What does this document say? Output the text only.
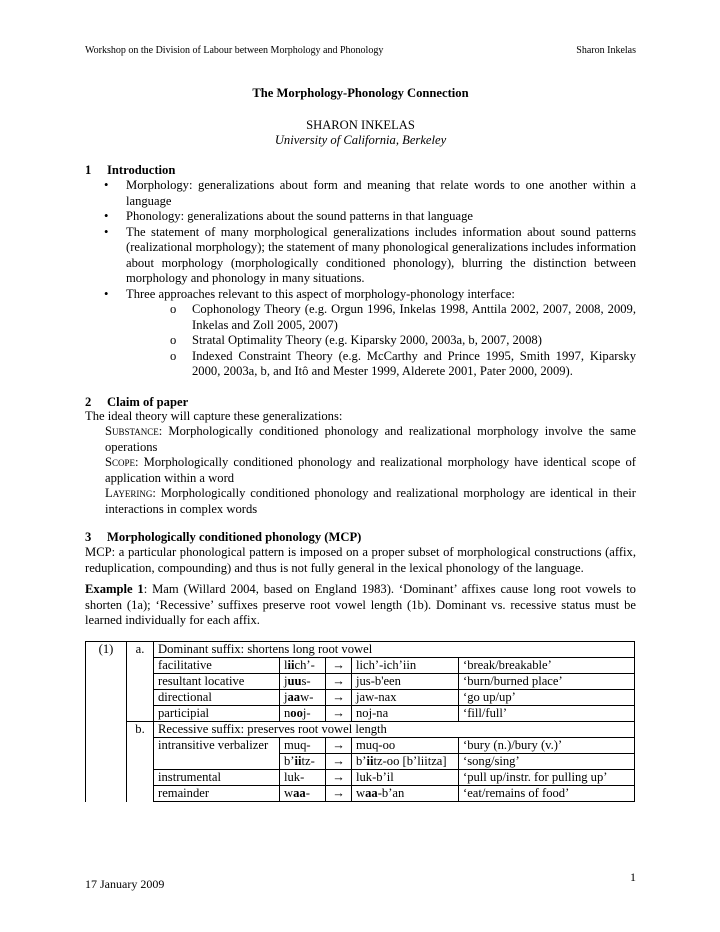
Workshop on the Division of Labour between Morphology and Phonology	Sharon Inkelas
The Morphology-Phonology Connection
SHARON INKELAS
University of California, Berkeley
1 Introduction
• Morphology: generalizations about form and meaning that relate words to one another within a language
• Phonology: generalizations about the sound patterns in that language
• The statement of many morphological generalizations includes information about sound patterns (realizational morphology); the statement of many phonological generalizations includes information about morphology (morphologically conditioned phonology), blurring the distinction between morphology and phonology in many situations.
• Three approaches relevant to this aspect of morphology-phonology interface:
o Cophonology Theory (e.g. Orgun 1996, Inkelas 1998, Anttila 2002, 2007, 2008, 2009, Inkelas and Zoll 2005, 2007)
o Stratal Optimality Theory (e.g. Kiparsky 2000, 2003a, b, 2007, 2008)
o Indexed Constraint Theory (e.g. McCarthy and Prince 1995, Smith 1997, Kiparsky 2000, 2003a, b, and Itô and Mester 1999, Alderete 2001, Pater 2000, 2009).
2 Claim of paper
The ideal theory will capture these generalizations:
Substance: Morphologically conditioned phonology and realizational morphology involve the same operations
Scope: Morphologically conditioned phonology and realizational morphology have identical scope of application within a word
Layering: Morphologically conditioned phonology and realizational morphology are identical in their interactions in complex words
3 Morphologically conditioned phonology (MCP)
MCP: a particular phonological pattern is imposed on a proper subset of morphological constructions (affix, reduplication, compounding) and thus is not fully general in the lexical phonology of the language.
Example 1: Mam (Willard 2004, based on England 1983). ‘Dominant’ affixes cause long root vowels to shorten (1a); ‘Recessive’ suffixes preserve root vowel length (1b). Dominant vs. recessive status must be learned individually for each affix.
(1)	a.	Dominant suffix: shortens long root vowel				
		facilitative	liich’-	→	lich’-ich’iin	‘break/breakable’
		resultant locative	juus-	→	jus-b'een	‘burn/burned place’
		directional	jaaw-	→	jaw-nax	‘go up/up’
		participial	nooj-	→	noj-na	‘fill/full’
	b.	Recessive suffix: preserves root vowel length				
		intransitive verbalizer	muq-	→	muq-oo	‘bury (n.)/bury (v.)’
			b’iitz-	→	b’iitz-oo [b’liitza]	‘song/sing’
		instrumental	luk-	→	luk-b’il	‘pull up/instr. for pulling up’
		remainder	waa-	→	waa-b’an	‘eat/remains of food’
17 January 2009	1
